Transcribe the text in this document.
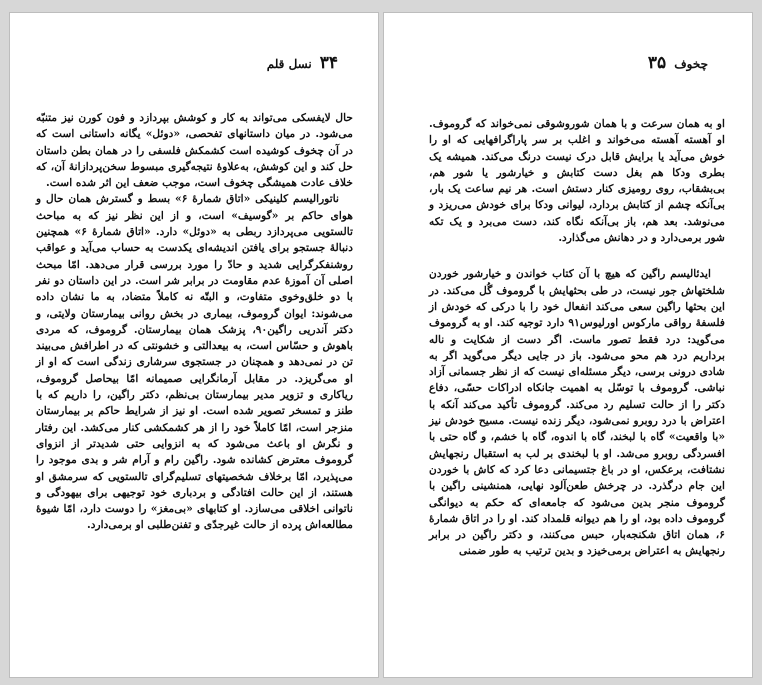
۳۴
نسل قلم

حال لایفسکی می‌تواند به کار و کوشش بپردازد و فون کورن نیز متنبّه می‌شود. در میان داستانهای تفحصی، «دوئل» یگانه داستانی است که در آن چخوف کوشیده است کشمکش فلسفی را در همان بطن داستان حل کند و این کوشش، به‌علاوهٔ نتیجه‌گیری مبسوط سخن‌پردازانهٔ آن، که خلاف عادت همیشگی چخوف است، موجب ضعف این اثر شده است.

ناتورالیسم کلینیکی «اتاق شمارهٔ ۶» بسط و گسترش همان حال و هوای حاکم بر «گوسیف» است، و از این نظر نیز که به مباحث تالستویی می‌پردازد ربطی به «دوئل» دارد. «اتاق شمارهٔ ۶» همچنین دنبالهٔ جستجو برای یافتن اندیشه‌ای یکدست به حساب می‌آید و عواقب روشنفکرگرایی شدید و حادّ را مورد بررسی قرار می‌دهد. امّا مبحث اصلی آن آموزهٔ عدم مقاومت در برابر شر است. در این داستان دو نفر با دو خلق‌وخوی متفاوت، و البتّه نه کاملاً متضاد، به ما نشان داده می‌شوند: ایوان گروموف، بیماری در بخش روانی بیمارستان ولایتی، و دکتر آندریی راگین۹۰، پزشک همان بیمارستان. گروموف، که مردی باهوش و حسّاس است، به بیعدالتی و خشونتی که در اطرافش می‌بیند تن در نمی‌دهد و همچنان در جستجوی سرشاری زندگی است که او از او می‌گریزد. در مقابل آرمانگرایی صمیمانه امّا بیحاصل گروموف، ریاکاری و تزویر مدیر بیمارستان بی‌نظم، دکتر راگین، را داریم که با طنز و تمسخر تصویر شده است. او نیز از شرایط حاکم بر بیمارستان منزجر است، امّا کاملاً خود را از هر کشمکشی کنار می‌کشد. این رفتار و نگرش او باعث می‌شود که به انزوایی حتی شدیدتر از انزوای گروموف معترض کشانده شود. راگین رام و آرام شر و بدی موجود را می‌پذیرد، امّا برخلاف شخصیتهای تسلیم‌گرای تالستویی که سرمشق او هستند، از این حالت افتادگی و بردباری خود توجیهی برای بیهودگی و ناتوانی اخلاقی می‌سازد. او کتابهای «بی‌مغز» را دوست دارد، امّا شیوهٔ مطالعه‌اش پرده از حالت غیرجدّی و تفنن‌طلبی او برمی‌دارد.

چخوف
۳۵

او به همان سرعت و با همان شوروشوقی نمی‌خواند که گروموف. او آهسته آهسته می‌خواند و اغلب بر سر پاراگرافهایی که او را خوش می‌آید یا برایش قابل درک نیست درنگ می‌کند. همیشه یک بطری ودکا هم بغل دست کتابش و خیارشور یا شور هم، بی‌بشقاب، روی رومیزی کنار دستش است. هر نیم ساعت یک بار، بی‌آنکه چشم از کتابش بردارد، لیوانی ودکا برای خودش می‌ریزد و می‌نوشد. بعد هم، باز بی‌آنکه نگاه کند، دست می‌برد و یک تکه شور برمی‌دارد و در دهانش می‌گذارد.

ایدئالیسم راگین که هیچ با آن کتاب خواندن و خیارشور خوردن شلختهاش جور نیست، در طی بحثهایش با گروموف گُل می‌کند. در این بحثها راگین سعی می‌کند انفعال خود را با درکی که خودش از فلسفهٔ رواقی مارکوس اورلیوس۹۱ دارد توجیه کند. او به گروموف می‌گوید: درد فقط تصور ماست. اگر دست از شکایت و ناله برداریم درد هم محو می‌شود. باز در جایی دیگر می‌گوید اگر به شادی درونی برسی، دیگر مسئله‌ای نیست که از نظر جسمانی آزاد نباشی. گروموف با توسّل به اهمیت جانکاه ادراکات حسّی، دفاع دکتر را از حالت تسلیم رد می‌کند. گروموف تأکید می‌کند آنکه با اعتراض با درد روبرو نمی‌شود، دیگر زنده نیست. مسیح خودش نیز «با واقعیت» گاه با لبخند، گاه با اندوه، گاه با خشم، و گاه حتی با افسردگی روبرو می‌شد. او با لبخندی بر لب به استقبال رنجهایش نشتافت، برعکس، او در باغ جتسیمانی دعا کرد که کاش با خوردن این جام درگذرد. در چرخش طعن‌آلود نهایی، همنشینی راگین با گروموف منجر بدین می‌شود که جامعه‌ای که حکم به دیوانگی گروموف داده بود، او را هم دیوانه قلمداد کند. او را در اتاق شمارهٔ ۶، همان اتاق شکنجه‌بار، حبس می‌کنند، و دکتر راگین در برابر رنجهایش به اعتراض برمی‌خیزد و بدین ترتیب به طور ضمنی
